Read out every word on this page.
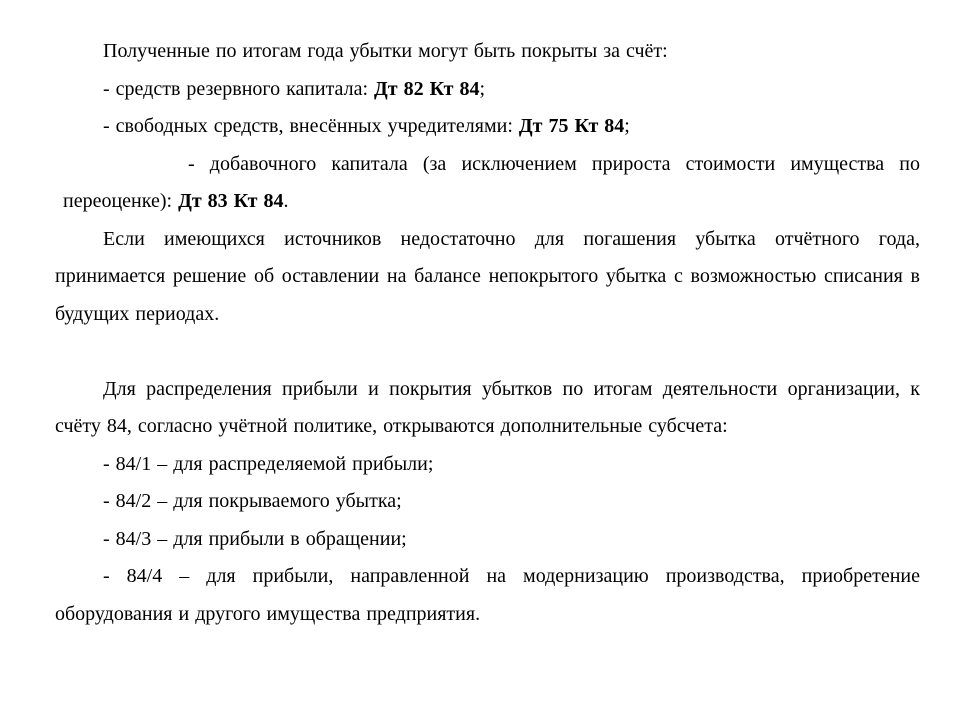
Полученные по итогам года убытки могут быть покрыты за счёт:

- средств резервного капитала: Дт 82 Кт 84;

- свободных средств, внесённых учредителями: Дт 75 Кт 84;

- добавочного капитала (за исключением прироста стоимости имущества по переоценке): Дт 83 Кт 84.

Если имеющихся источников недостаточно для погашения убытка отчётного года, принимается решение об оставлении на балансе непокрытого убытка с возможностью списания в будущих периодах.

Для распределения прибыли и покрытия убытков по итогам деятельности организации, к счёту 84, согласно учётной политике, открываются дополнительные субсчета:

- 84/1 – для распределяемой прибыли;

- 84/2 – для покрываемого убытка;

- 84/3 – для прибыли в обращении;

- 84/4 – для прибыли, направленной на модернизацию производства, приобретение оборудования и другого имущества предприятия.
